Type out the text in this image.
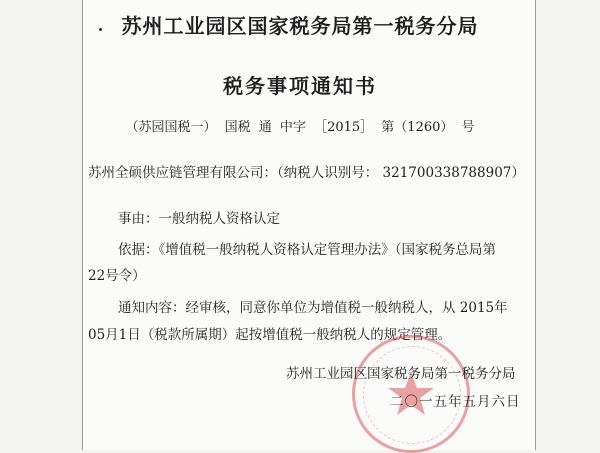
苏州工业园区国家税务局第一税务分局
税务事项通知书
（苏园国税一） 国税 通 中字 ［2015］ 第（1260） 号
苏州全硕供应链管理有限公司：（纳税人识别号： 321700338788907）
事由：一般纳税人资格认定
依据：《增值税一般纳税人资格认定管理办法》（国家税务总局第
22号令）
通知内容：经审核，同意你单位为增值税一般纳税人，从 2015年
05月1日（税款所属期）起按增值税一般纳税人的规定管理。
苏州工业园区国家税务局第一税务分局
二〇一五年五月六日
